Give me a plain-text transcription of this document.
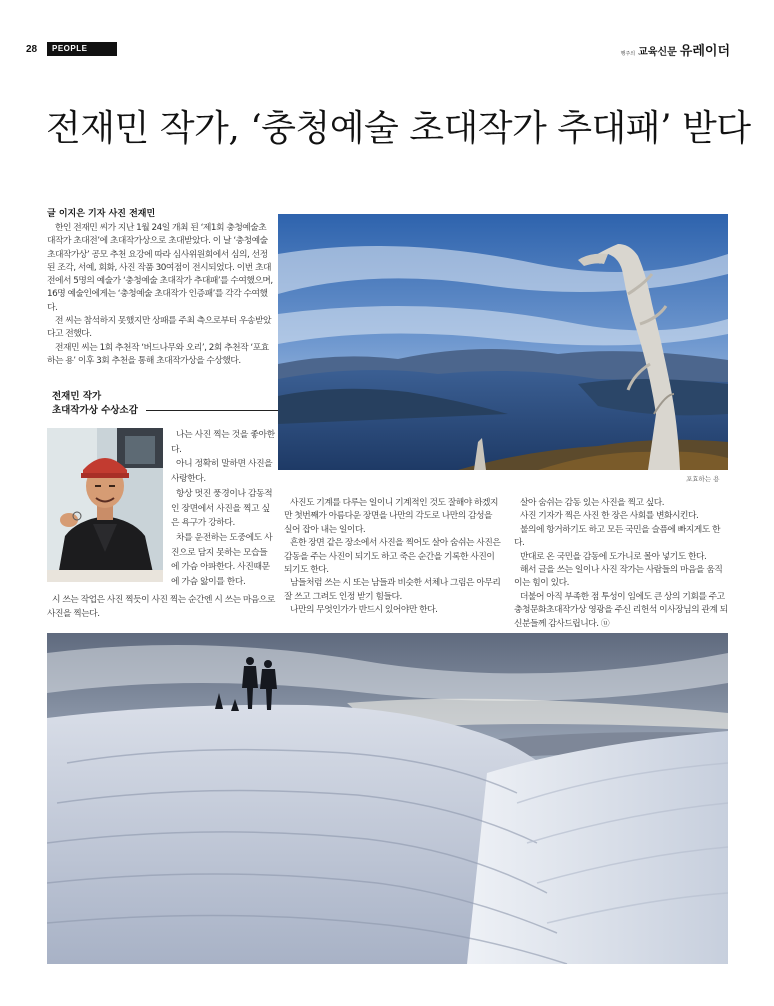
28	PEOPLE
행주의 교육신문 유레이더
전재민 작가, ‘충청예술 초대작가 추대패’ 받다
글 이지은 기자 사진 전재민

한인 전재민 씨가 지난 1월 24일 개최 된 ‘제1회 충청예술초대작가 초대전’에 초대작가상으로 초대받았다. 이 날 ‘충청예술 초대작가상’ 공모 추천 요강에 따라 심사위원회에서 심의, 선정된 조각, 서예, 회화, 사진 작품 30여점이 전시되었다. 이번 초대전에서 5명의 예술가 ‘충청예술 초대작가 추대패’를 수여했으며, 16명 예술인에게는 ‘충청예술 초대작가 인증패’를 각각 수여했다.

전 씨는 참석하지 못했지만 상패를 주최 측으로부터 우송받았다고 전했다.

전재민 씨는 1회 추천작 ‘버드나무와 오리’, 2회 추천작 ‘포효하는 용’ 이후 3회 추천을 통해 초대작가상을 수상했다.

전재민 작가
초대작가상 수상소감

나는 사진 찍는 것을 좋아한다.

아니 정확히 말하면 사진을 사랑한다.

항상 멋진 풍경이나 감동적인 장면에서 사진을 찍고 싶은 욕구가 강하다.

차를 운전하는 도중에도 사진으로 담지 못하는 모습들에 가슴 아파한다. 사진때문에 가슴 앓이를 한다.

시 쓰는 작업은 사진 찍듯이 사진 찍는 순간엔 시 쓰는 마음으로 사진을 찍는다.

포효하는 용

사진도 기계를 다루는 일이니 기계적인 것도 잘해야 하겠지만 첫번째가 아름다운 장면을 나만의 각도로 나만의 감성을 실어 잡아 내는 일이다.

흔한 장면 같은 장소에서 사진을 찍어도 살아 숨쉬는 사진은 감동을 주는 사진이 되기도 하고 죽은 순간을 기록한 사진이 되기도 한다.

남들처럼 쓰는 시 또는 남들과 비슷한 서체나 그림은 아무리 잘 쓰고 그려도 인정 받기 힘들다.

나만의 무엇인가가 반드시 있어야만 한다.

살아 숨쉬는 감동 있는 사진을 찍고 싶다.

사진 기자가 찍은 사진 한 장은 사회를 변화시킨다.

불의에 항거하기도 하고 모든 국민을 슬픔에 빠지게도 한다.

반대로 온 국민을 감동에 도가니로 몰아 넣기도 한다.

해서 글을 쓰는 일이나 사진 작가는 사람들의 마음을 움직이는 힘이 있다.

더불어 아직 부족한 점 투성이 임에도 큰 상의 기회를 주고 충청문화초대작가상 영광을 주신 리헌석 이사장님의 관계 되신분들께 감사드립니다. ⓤ
